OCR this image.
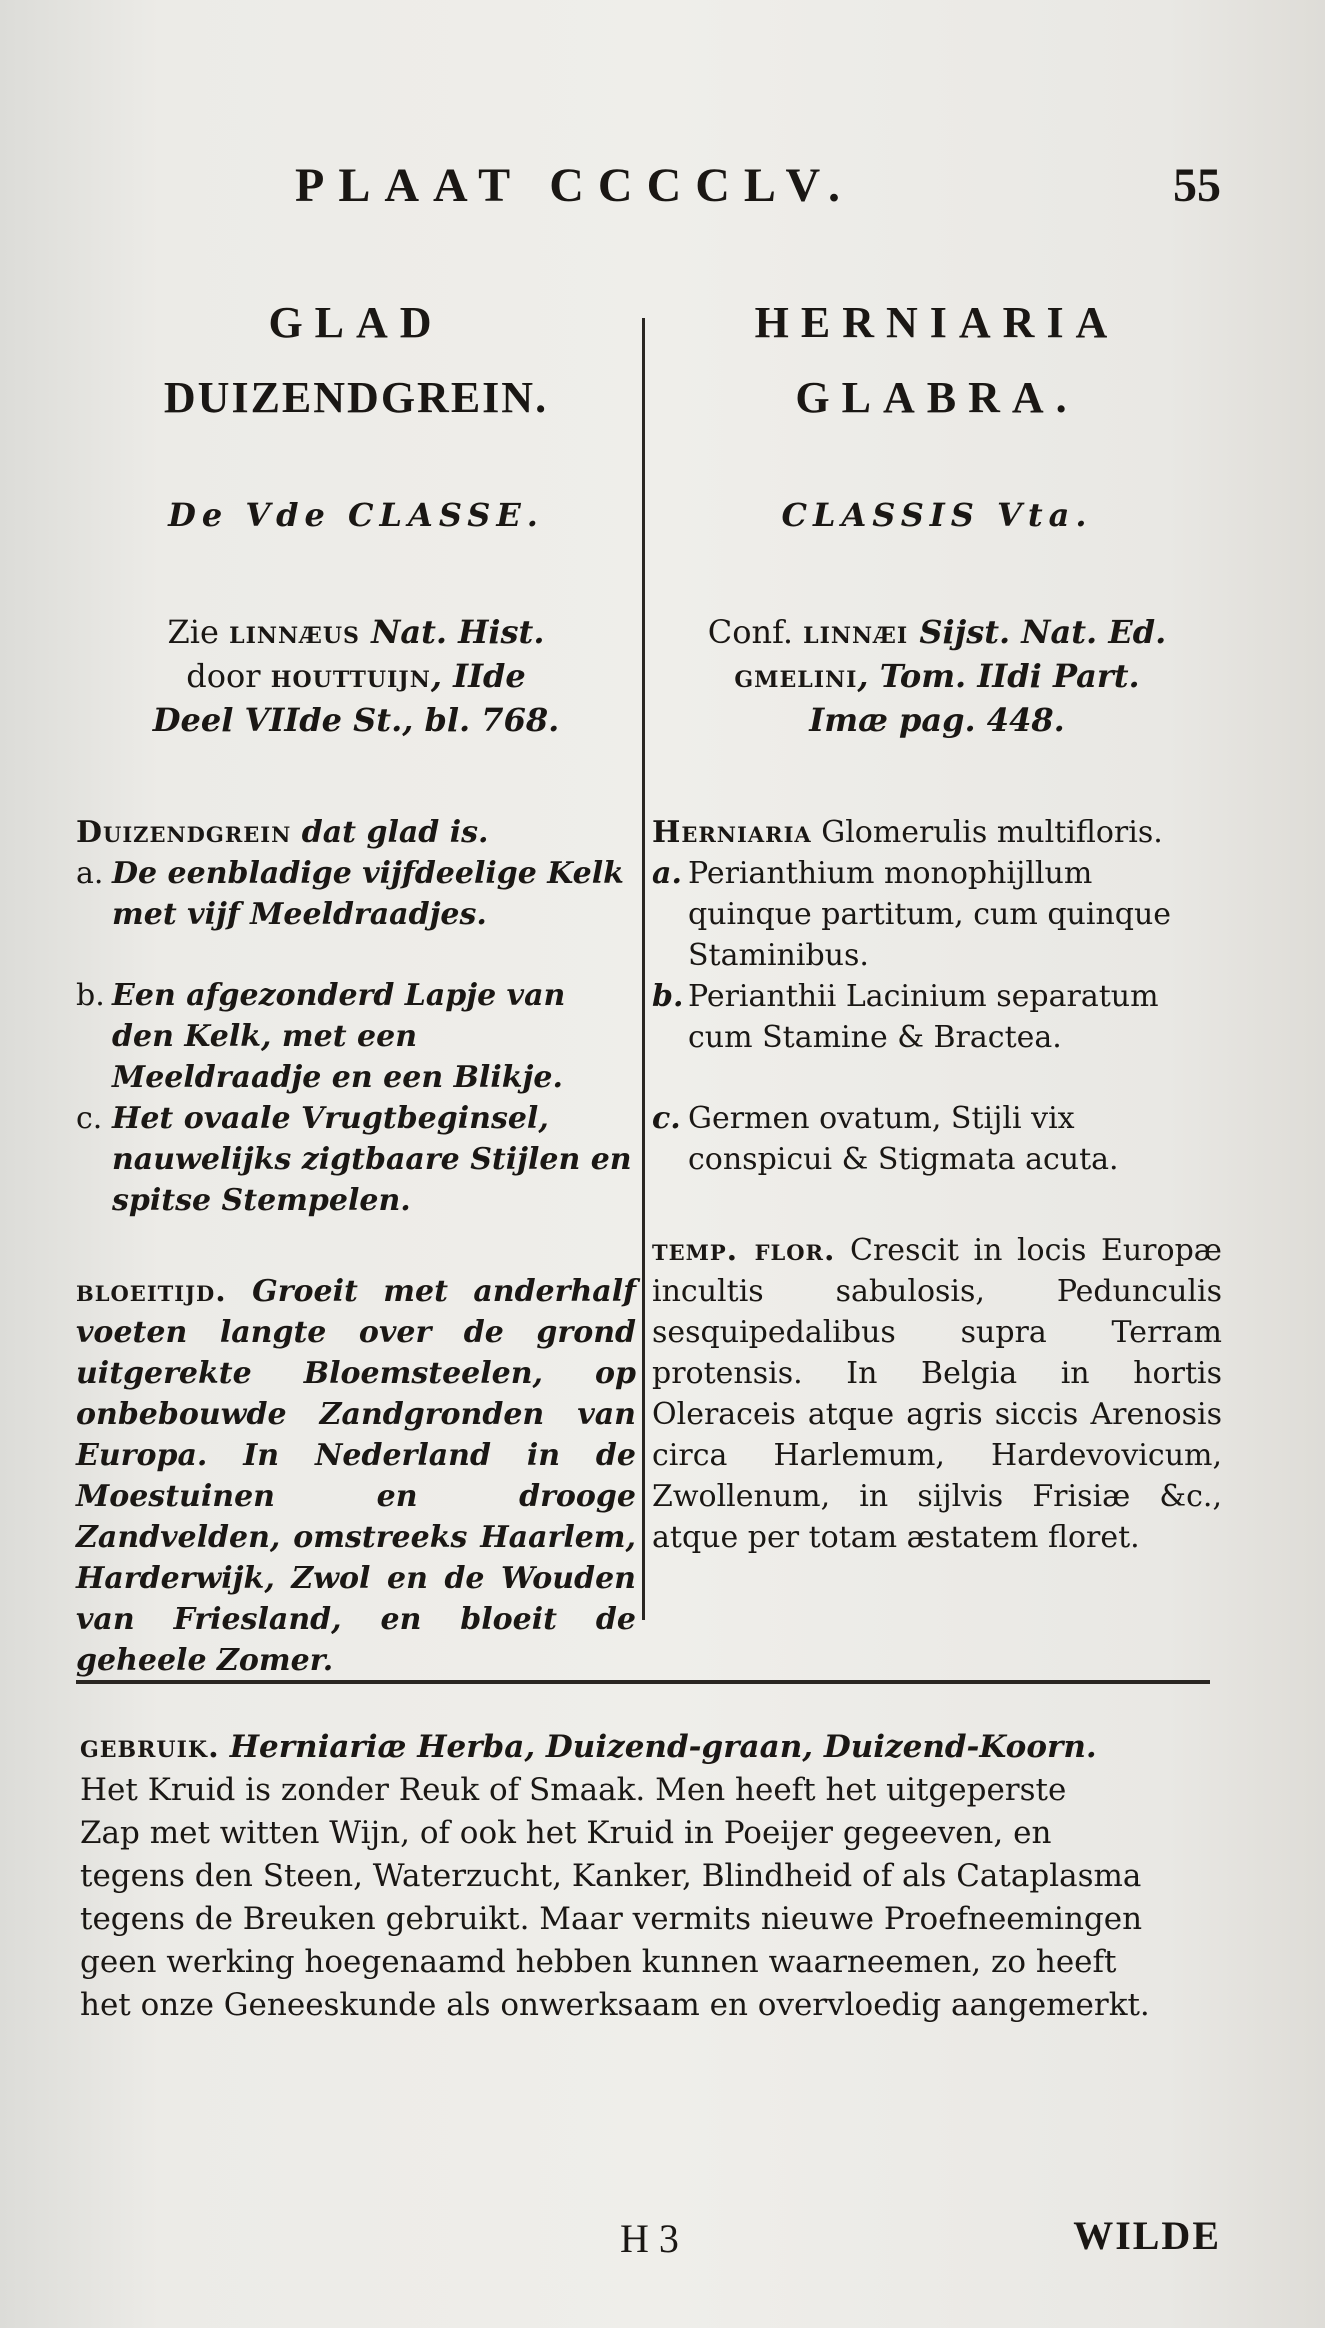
PLAAT CCCCLV.	55
GLAD
DUIZENDGREIN.
De Vde CLASSE.
Zie linnæus Nat. Hist.
door houttuijn, IIde
Deel VIIde St., bl. 768.
Duizendgrein dat glad is.
a. De eenbladige vijfdeelige Kelk met vijf Meeldraadjes.
b. Een afgezonderd Lapje van den Kelk, met een Meeldraadje en een Blikje.
c. Het ovaale Vrugtbeginsel, nauwelijks zigtbaare Stijlen en spitse Stempelen.
bloeitijd. Groeit met anderhalf voeten langte over de grond uitgerekte Bloemsteelen, op onbebouwde Zandgronden van Europa. In Nederland in de Moestuinen en drooge Zandvelden, omstreeks Haarlem, Harderwijk, Zwol en de Wouden van Friesland, en bloeit de geheele Zomer.
HERNIARIA
GLABRA.
CLASSIS Vta.
Conf. linnæi Sijst. Nat. Ed.
gmelini, Tom. IIdi Part.
Imæ pag. 448.
Herniaria Glomerulis multifloris.
a. Perianthium monophijllum quinque partitum, cum quinque Staminibus.
b. Perianthii Lacinium separatum cum Stamine & Bractea.
c. Germen ovatum, Stijli vix conspicui & Stigmata acuta.
temp. flor. Crescit in locis Europæ incultis sabulosis, Pedunculis sesquipedalibus supra Terram protensis. In Belgia in hortis Oleraceis atque agris siccis Arenosis circa Harlemum, Hardevovicum, Zwollenum, in sijlvis Frisiæ &c., atque per totam æstatem floret.
gebruik. Herniariæ Herba, Duizend-graan, Duizend-Koorn.
Het Kruid is zonder Reuk of Smaak. Men heeft het uitgeperste
Zap met witten Wijn, of ook het Kruid in Poeijer gegeeven, en
tegens den Steen, Waterzucht, Kanker, Blindheid of als Cataplasma
tegens de Breuken gebruikt. Maar vermits nieuwe Proefneemingen
geen werking hoegenaamd hebben kunnen waarneemen, zo heeft
het onze Geneeskunde als onwerksaam en overvloedig aangemerkt.
H 3	WILDE
